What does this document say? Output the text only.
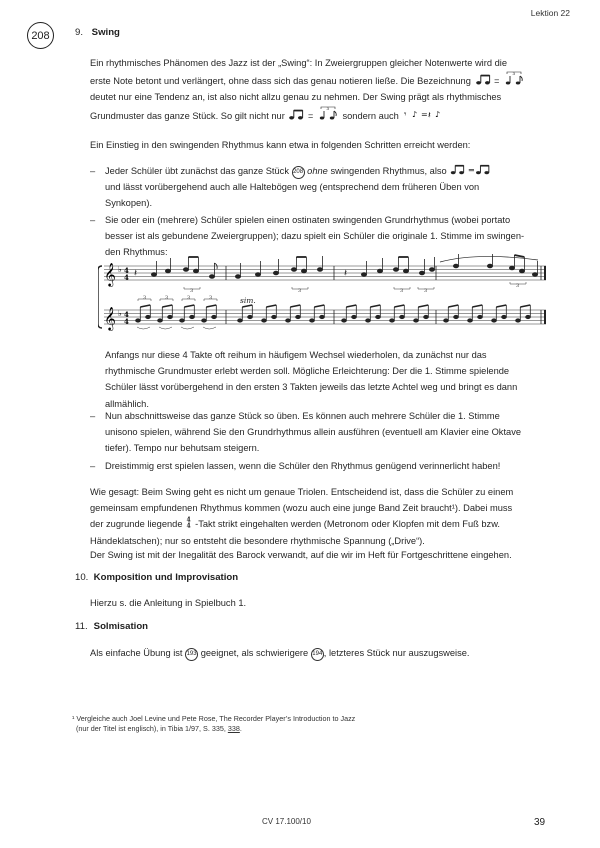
Lektion 22
208	9. Swing
Ein rhythmisches Phänomen des Jazz ist der „Swing“: In Zweiergruppen gleicher Notenwerte wird die
erste Note betont und verlängert, ohne dass sich das genau notieren ließe. Die Bezeichnung	=
3
deutet nur eine Tendenz an, ist also nicht allzu genau zu nehmen. Der Swing prägt als rhythmisches
Grundmuster das ganze Stück. So gilt nicht nur	=
3
sondern auch 𝄾 ♪ = 𝄽 ♪
Ein Einstieg in den swingenden Rhythmus kann etwa in folgenden Schritten erreicht werden:
– Jeder Schüler übt zunächst das ganze Stück 208 ohne swingenden Rhythmus, also	=
und lässt vorübergehend auch alle Haltebögen weg (entsprechend dem früheren Üben von
Synkopen).
– Sie oder ein (mehrere) Schüler spielen einen ostinaten swingenden Grundrhythmus (wobei portato
besser ist als gebundene Zweiergruppen); dazu spielt ein Schüler die originale 1. Stimme im swingen-
den Rhythmus:
𝄞
𝄞
♭
♭
4
4
4
4
𝄽	𝄽
3	3	3	3
3
3	3	3	3	sim.
Anfangs nur diese 4 Takte oft reihum in häufigem Wechsel wiederholen, da zunächst nur das
rhythmische Grundmuster erlebt werden soll. Mögliche Erleichterung: Der die 1. Stimme spielende
Schüler lässt vorübergehend in den ersten 3 Takten jeweils das letzte Achtel weg und bringt es dann
allmählich.
– Nun abschnittsweise das ganze Stück so üben. Es können auch mehrere Schüler die 1. Stimme
unisono spielen, während Sie den Grundrhythmus allein ausführen (eventuell am Klavier eine Oktave
tiefer). Tempo nur behutsam steigern.
– Dreistimmig erst spielen lassen, wenn die Schüler den Rhythmus genügend verinnerlicht haben!
Wie gesagt: Beim Swing geht es nicht um genaue Triolen. Entscheidend ist, dass die Schüler zu einem
gemeinsam empfundenen Rhythmus kommen (wozu auch eine junge Band Zeit braucht¹). Dabei muss
der zugrunde liegende 4
4 -Takt strikt eingehalten werden (Metronom oder Klopfen mit dem Fuß bzw.
Händeklatschen); nur so entsteht die besondere rhythmische Spannung („Drive“).
Der Swing ist mit der Inegalität des Barock verwandt, auf die wir im Heft für Fortgeschrittene eingehen.
10. Komposition und Improvisation
Hierzu s. die Anleitung in Spielbuch 1.
11. Solmisation
Als einfache Übung ist 193 geeignet, als schwierigere 194 , letzteres Stück nur auszugsweise.
¹ Vergleiche auch Joel Levine und Pete Rose, The Recorder Player’s Introduction to Jazz
(nur der Titel ist englisch), in Tibia 1/97, S. 335, 338.
CV 17.100/10	39
